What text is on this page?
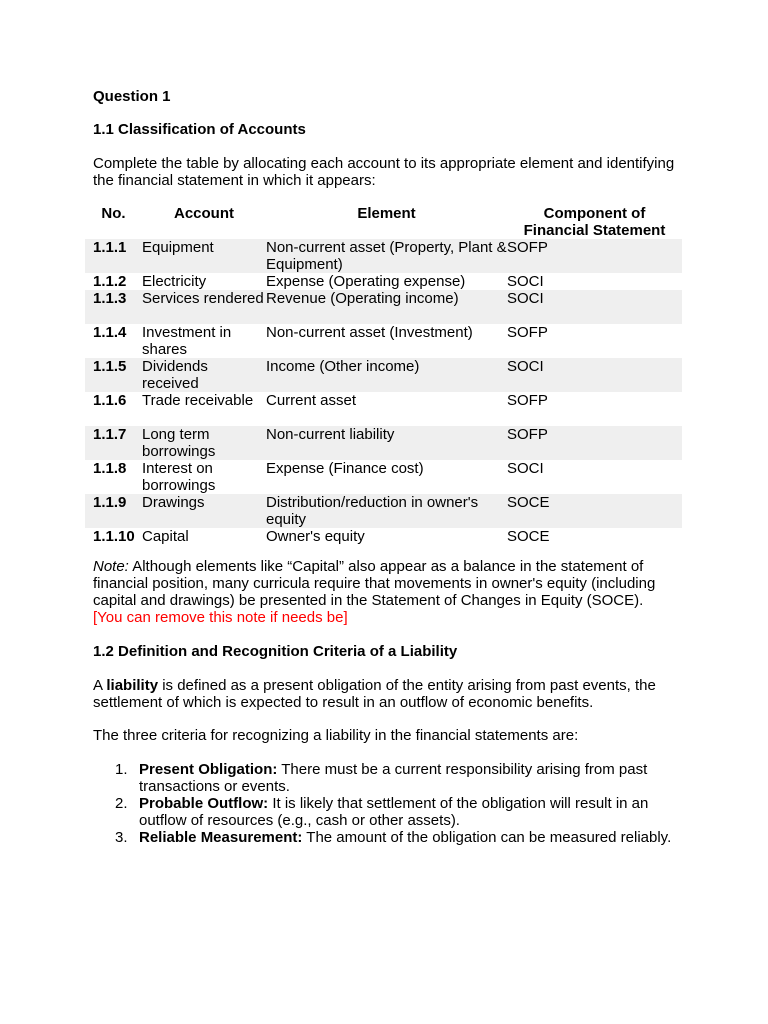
Question 1
1.1 Classification of Accounts
Complete the table by allocating each account to its appropriate element and identifying the financial statement in which it appears:
No.	Account	Element	Component of
Financial Statement
1.1.1	Equipment	Non-current asset (Property, Plant & Equipment)	SOFP
1.1.2	Electricity	Expense (Operating expense)	SOCI
1.1.3	Services rendered	Revenue (Operating income)	SOCI
1.1.4	Investment in shares	Non-current asset (Investment)	SOFP
1.1.5	Dividends received	Income (Other income)	SOCI
1.1.6	Trade receivable	Current asset	SOFP
1.1.7	Long term borrowings	Non-current liability	SOFP
1.1.8	Interest on borrowings	Expense (Finance cost)	SOCI
1.1.9	Drawings	Distribution/reduction in owner's equity	SOCE
1.1.10	Capital	Owner's equity	SOCE
Note: Although elements like “Capital” also appear as a balance in the statement of financial position, many curricula require that movements in owner's equity (including capital and drawings) be presented in the Statement of Changes in Equity (SOCE).
[You can remove this note if needs be]
1.2 Definition and Recognition Criteria of a Liability
A liability is defined as a present obligation of the entity arising from past events, the settlement of which is expected to result in an outflow of economic benefits.
The three criteria for recognizing a liability in the financial statements are:
1. Present Obligation: There must be a current responsibility arising from past transactions or events.
2. Probable Outflow: It is likely that settlement of the obligation will result in an outflow of resources (e.g., cash or other assets).
3. Reliable Measurement: The amount of the obligation can be measured reliably.
